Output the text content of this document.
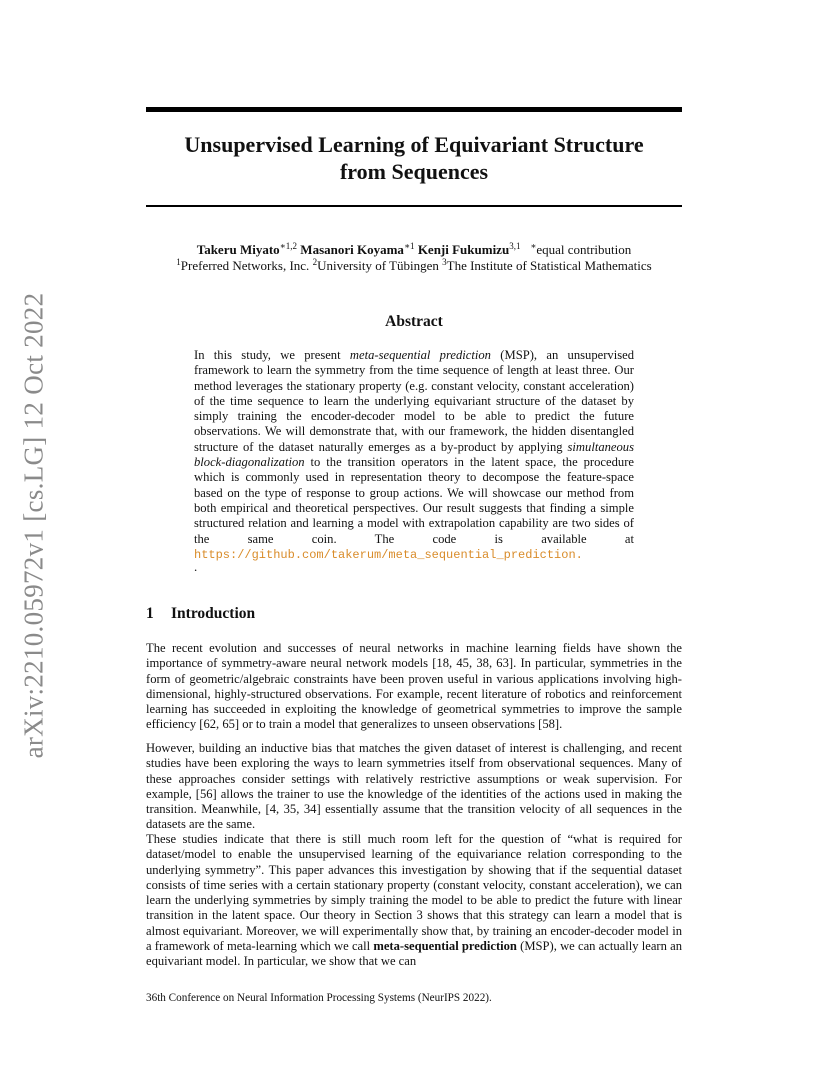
arXiv:2210.05972v1 [cs.LG] 12 Oct 2022
Unsupervised Learning of Equivariant Structure
from Sequences
Takeru Miyato$^{∗1,2}$ Masanori Koyama$^{∗1}$ Kenji Fukumizu$^{3,1}$ ∗equal contribution
$^1$Preferred Networks, Inc. $^2$University of Tübingen $^3$The Institute of Statistical Mathematics
Abstract
In this study, we present meta-sequential prediction (MSP), an unsupervised framework to learn the symmetry from the time sequence of length at least three. Our method leverages the stationary property (e.g. constant velocity, constant acceleration) of the time sequence to learn the underlying equivariant structure of the dataset by simply training the encoder-decoder model to be able to predict the future observations. We will demonstrate that, with our framework, the hidden disentangled structure of the dataset naturally emerges as a by-product by applying simultaneous block-diagonalization to the transition operators in the latent space, the procedure which is commonly used in representation theory to decompose the feature-space based on the type of response to group actions. We will showcase our method from both empirical and theoretical perspectives. Our result suggests that finding a simple structured relation and learning a model with extrapolation capability are two sides of the same coin. The code is available at https://github.com/takerum/meta_sequential_prediction.
.
1 Introduction
The recent evolution and successes of neural networks in machine learning fields have shown the importance of symmetry-aware neural network models [18, 45, 38, 63]. In particular, symmetries in the form of geometric/algebraic constraints have been proven useful in various applications involving high-dimensional, highly-structured observations. For example, recent literature of robotics and reinforcement learning has succeeded in exploiting the knowledge of geometrical symmetries to improve the sample efficiency [62, 65] or to train a model that generalizes to unseen observations [58].
However, building an inductive bias that matches the given dataset of interest is challenging, and recent studies have been exploring the ways to learn symmetries itself from observational sequences. Many of these approaches consider settings with relatively restrictive assumptions or weak supervision. For example, [56] allows the trainer to use the knowledge of the identities of the actions used in making the transition. Meanwhile, [4, 35, 34] essentially assume that the transition velocity of all sequences in the datasets are the same.
These studies indicate that there is still much room left for the question of “what is required for dataset/model to enable the unsupervised learning of the equivariance relation corresponding to the underlying symmetry”. This paper advances this investigation by showing that if the sequential dataset consists of time series with a certain stationary property (constant velocity, constant acceleration), we can learn the underlying symmetries by simply training the model to be able to predict the future with linear transition in the latent space. Our theory in Section 3 shows that this strategy can learn a model that is almost equivariant. Moreover, we will experimentally show that, by training an encoder-decoder model in a framework of meta-learning which we call meta-sequential prediction (MSP), we can actually learn an equivariant model. In particular, we show that we can
36th Conference on Neural Information Processing Systems (NeurIPS 2022).
